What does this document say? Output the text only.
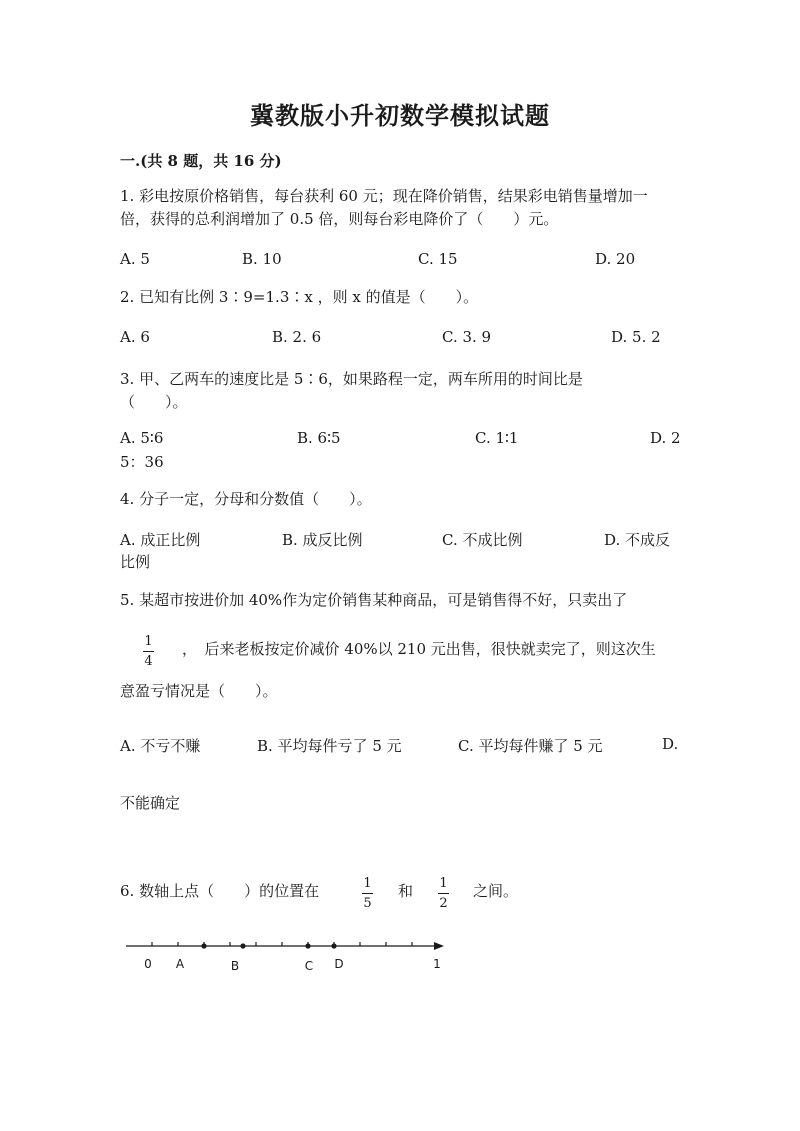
冀教版小升初数学模拟试题
一.(共 8 题，共 16 分)
1. 彩电按原价格销售，每台获利 60 元；现在降价销售，结果彩电销售量增加一
倍，获得的总利润增加了 0.5 倍，则每台彩电降价了（　　）元。
A. 5	B. 10	C. 15	D. 20
2. 已知有比例 3∶9=1.3∶x ，则 x 的值是（　　）。
A. 6	B. 2. 6	C. 3. 9	D. 5. 2
3. 甲、乙两车的速度比是 5∶6，如果路程一定，两车所用的时间比是
（　　）。
A. 5∶6	B. 6∶5	C. 1∶1	D. 2
5：36
4. 分子一定，分母和分数值（　　）。
A. 成正比例	B. 成反比例	C. 不成比例	D. 不成反
比例
5. 某超市按进价加 40%作为定价销售某种商品，可是销售得不好，只卖出了
1
4
，　后来老板按定价减价 40%以 210 元出售，很快就卖完了，则这次生
意盈亏情况是（　　）。
A. 不亏不赚	B. 平均每件亏了 5 元	C. 平均每件赚了 5 元	D.
不能确定
6. 数轴上点（　　）的位置在	1
5
和 1
2
之间。
0 A	B	C D	1
